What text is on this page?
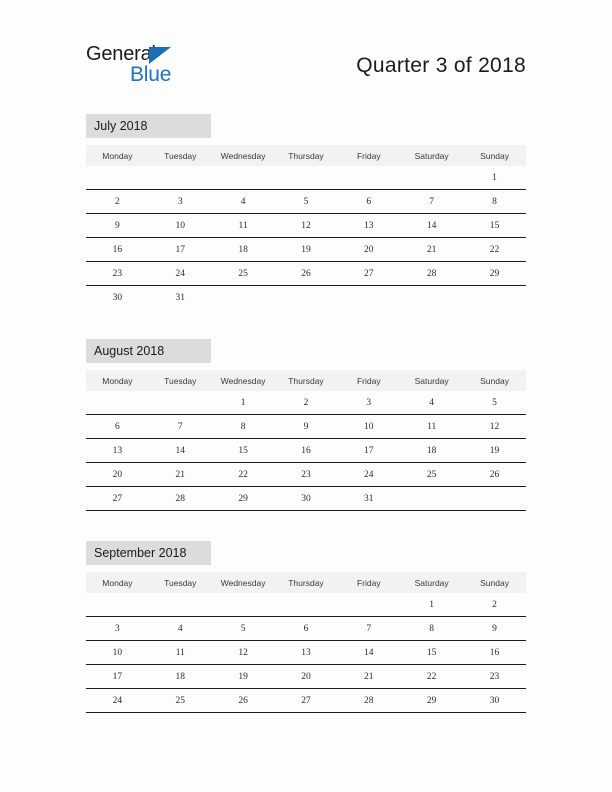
General
Blue	Quarter 3 of 2018
July 2018
Monday	Tuesday	Wednesday	Thursday	Friday	Saturday	Sunday
						1
2	3	4	5	6	7	8
9	10	11	12	13	14	15
16	17	18	19	20	21	22
23	24	25	26	27	28	29
30	31					
August 2018
Monday	Tuesday	Wednesday	Thursday	Friday	Saturday	Sunday
		1	2	3	4	5
6	7	8	9	10	11	12
13	14	15	16	17	18	19
20	21	22	23	24	25	26
27	28	29	30	31		
September 2018
Monday	Tuesday	Wednesday	Thursday	Friday	Saturday	Sunday
					1	2
3	4	5	6	7	8	9
10	11	12	13	14	15	16
17	18	19	20	21	22	23
24	25	26	27	28	29	30
